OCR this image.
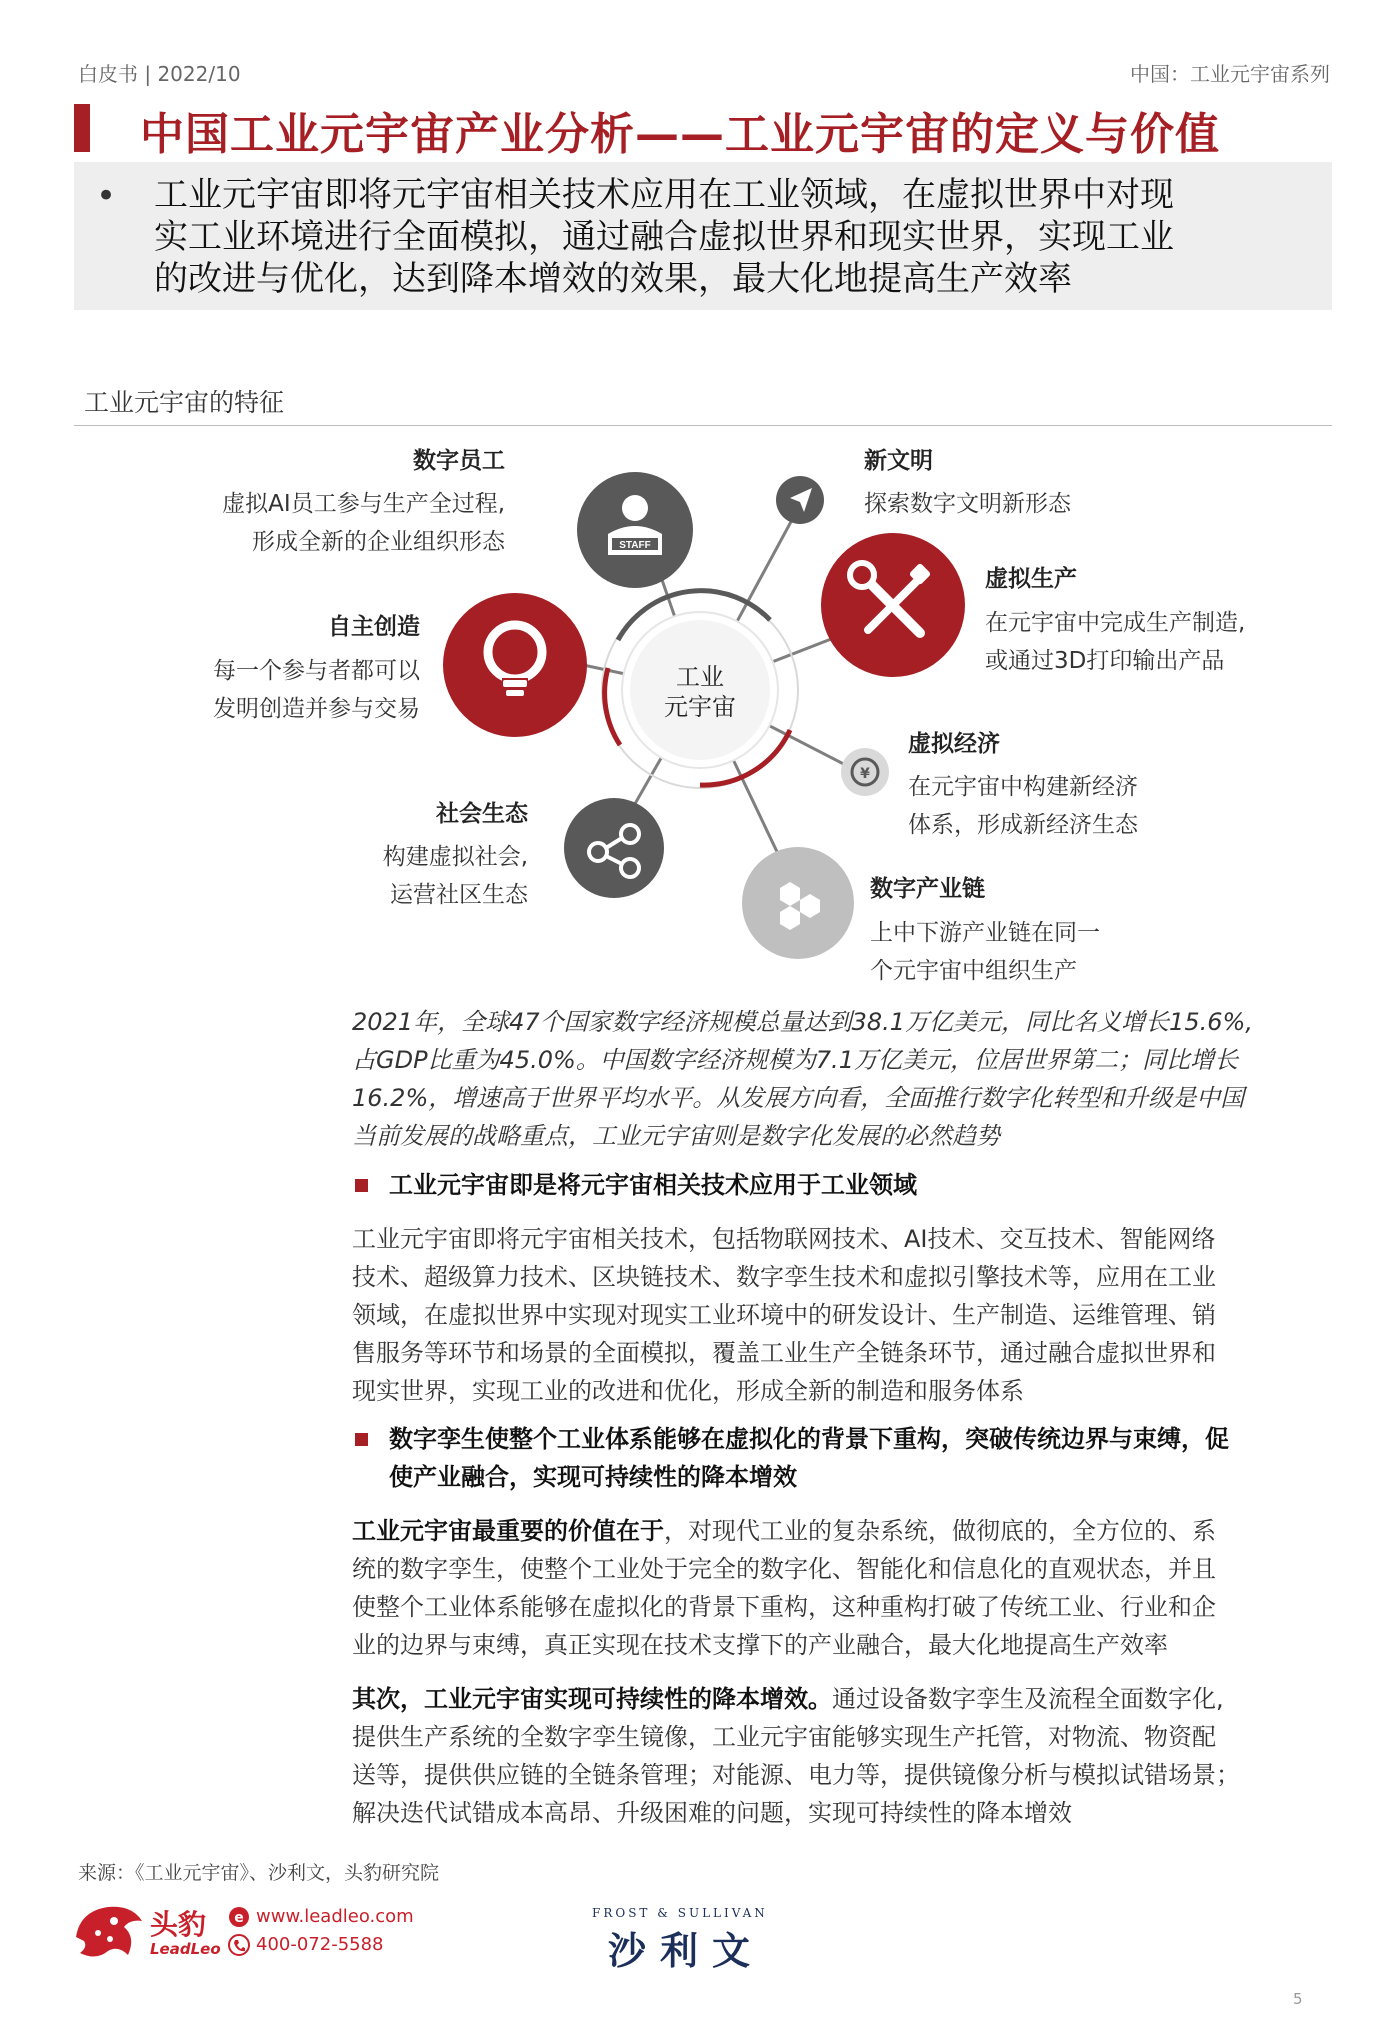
白皮书 | 2022/10	中国：工业元宇宙系列
中国工业元宇宙产业分析——工业元宇宙的定义与价值
• 工业元宇宙即将元宇宙相关技术应用在工业领域，在虚拟世界中对现
实工业环境进行全面模拟，通过融合虚拟世界和现实世界，实现工业
的改进与优化，达到降本增效的效果，最大化地提高生产效率
工业元宇宙的特征
STAFF
¥
工业
元宇宙
数字员工
虚拟AI员工参与生产全过程,
形成全新的企业组织形态
新文明
探索数字文明新形态
虚拟生产
在元宇宙中完成生产制造,
或通过3D打印输出产品
自主创造
每一个参与者都可以
发明创造并参与交易
虚拟经济
在元宇宙中构建新经济
体系，形成新经济生态
社会生态
构建虚拟社会,
运营社区生态	数字产业链
上中下游产业链在同一
个元宇宙中组织生产
2021年，全球47个国家数字经济规模总量达到38.1万亿美元，同比名义增长15.6%,
占GDP比重为45.0%。中国数字经济规模为7.1万亿美元，位居世界第二；同比增长
16.2%，增速高于世界平均水平。从发展方向看，全面推行数字化转型和升级是中国
当前发展的战略重点，工业元宇宙则是数字化发展的必然趋势
工业元宇宙即是将元宇宙相关技术应用于工业领域
工业元宇宙即将元宇宙相关技术，包括物联网技术、AI技术、交互技术、智能网络
技术、超级算力技术、区块链技术、数字孪生技术和虚拟引擎技术等，应用在工业
领域，在虚拟世界中实现对现实工业环境中的研发设计、生产制造、运维管理、销
售服务等环节和场景的全面模拟，覆盖工业生产全链条环节，通过融合虚拟世界和
现实世界，实现工业的改进和优化，形成全新的制造和服务体系
数字孪生使整个工业体系能够在虚拟化的背景下重构，突破传统边界与束缚，促
使产业融合，实现可持续性的降本增效
工业元宇宙最重要的价值在于，对现代工业的复杂系统，做彻底的，全方位的、系
统的数字孪生，使整个工业处于完全的数字化、智能化和信息化的直观状态，并且
使整个工业体系能够在虚拟化的背景下重构，这种重构打破了传统工业、行业和企
业的边界与束缚，真正实现在技术支撑下的产业融合，最大化地提高生产效率
其次，工业元宇宙实现可持续性的降本增效。通过设备数字孪生及流程全面数字化,
提供生产系统的全数字孪生镜像，工业元宇宙能够实现生产托管，对物流、物资配
送等，提供供应链的全链条管理；对能源、电力等，提供镜像分析与模拟试错场景；
解决迭代试错成本高昂、升级困难的问题，实现可持续性的降本增效
来源：《工业元宇宙》、沙利文，头豹研究院
头豹
LeadLeo
e www.leadleo.com
400-072-5588
FROST & SULLIVAN
沙利文
5
